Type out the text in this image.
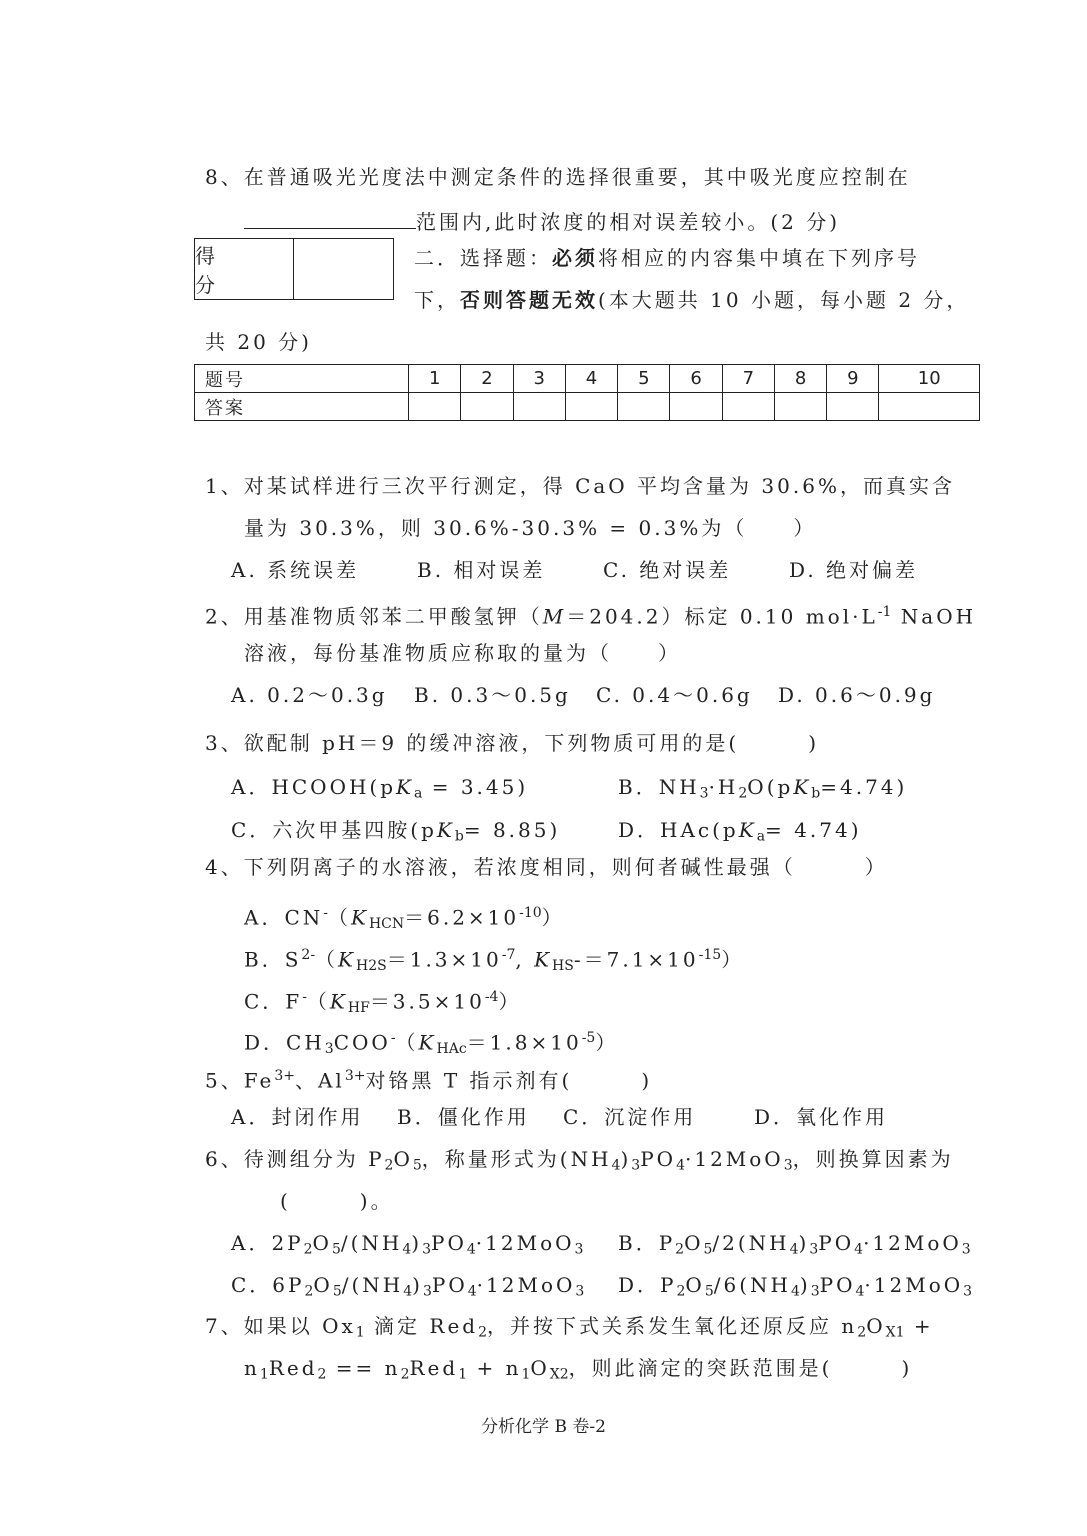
8、在普通吸光光度法中测定条件的选择很重要，其中吸光度应控制在
范围内,此时浓度的相对误差较小。(2 分)
得　分
二．选择题：必须将相应的内容集中填在下列序号
下，否则答题无效(本大题共 10 小题，每小题 2 分，
共 20 分)
题号	1	2	3	4	5	6	7	8	9	10
答案										
1、对某试样进行三次平行测定，得 CaO 平均含量为 30.6%，而真实含
量为 30.3%，则 30.6%-30.3% = 0.3%为（　　）
A. 系统误差	B. 相对误差	C. 绝对误差	D. 绝对偏差
2、用基准物质邻苯二甲酸氢钾（M＝204.2）标定 0.10 $mol\cdot L^{-1}$ NaOH
溶液，每份基准物质应称取的量为（　　）
A. 0.2～0.3g B. 0.3～0.5g C. 0.4～0.6g D. 0.6～0.9g
3、欲配制 pH＝9 的缓冲溶液，下列物质可用的是(　　　)
A．$HCOOH(pK_a = 3.45)$	B．$NH_3\cdot H_2O(pK_b=4.74)$
C．六次甲基四胺$(pK_b= 8.85)$	D．$HAc(pK_a= 4.74)$
4、下列阴离子的水溶液，若浓度相同，则何者碱性最强（　　　）
A．$CN^-(K_{HCN}=6.2\times 10^{-10})$
B．$S^{2-}(K_{H2S}=1.3\times 10^{-7}$, $K_{HS}-=7.1\times 10^{-15}$）
C．$F^-(K_{HF}=3.5\times 10^{-4})$
D．$CH_3COO^-(K_{HAc}=1.8\times 10^{-5})$
5、$Fe^{3+}$、$Al^{3+}$对铬黑 T 指示剂有(　　　)
A．封闭作用 B．僵化作用 C．沉淀作用	D．氧化作用
6、待测组分为 $P_2O_5$，称量形式为$(NH_4)_3PO_4\cdot 12MoO_3$，则换算因素为
(　　　)。
A．$2P_2O_5/(NH_4)_3PO_4\cdot 12MoO_3$ B．$P_2O_5/2(NH_4)_3PO_4\cdot 12MoO_3$
C．$6P_2O_5/(NH_4)_3PO_4\cdot 12MoO_3$ D．$P_2O_5/6(NH_4)_3PO_4\cdot 12MoO_3$
7、如果以 $Ox_1$ 滴定 Red$_2$，并按下式关系发生氧化还原反应 $n_2O_{X1}$ +
$n_1Red_2 == n_2Red_1 + n_1O_{X2}$，则此滴定的突跃范围是(　　　)
分析化学 B 卷-2
